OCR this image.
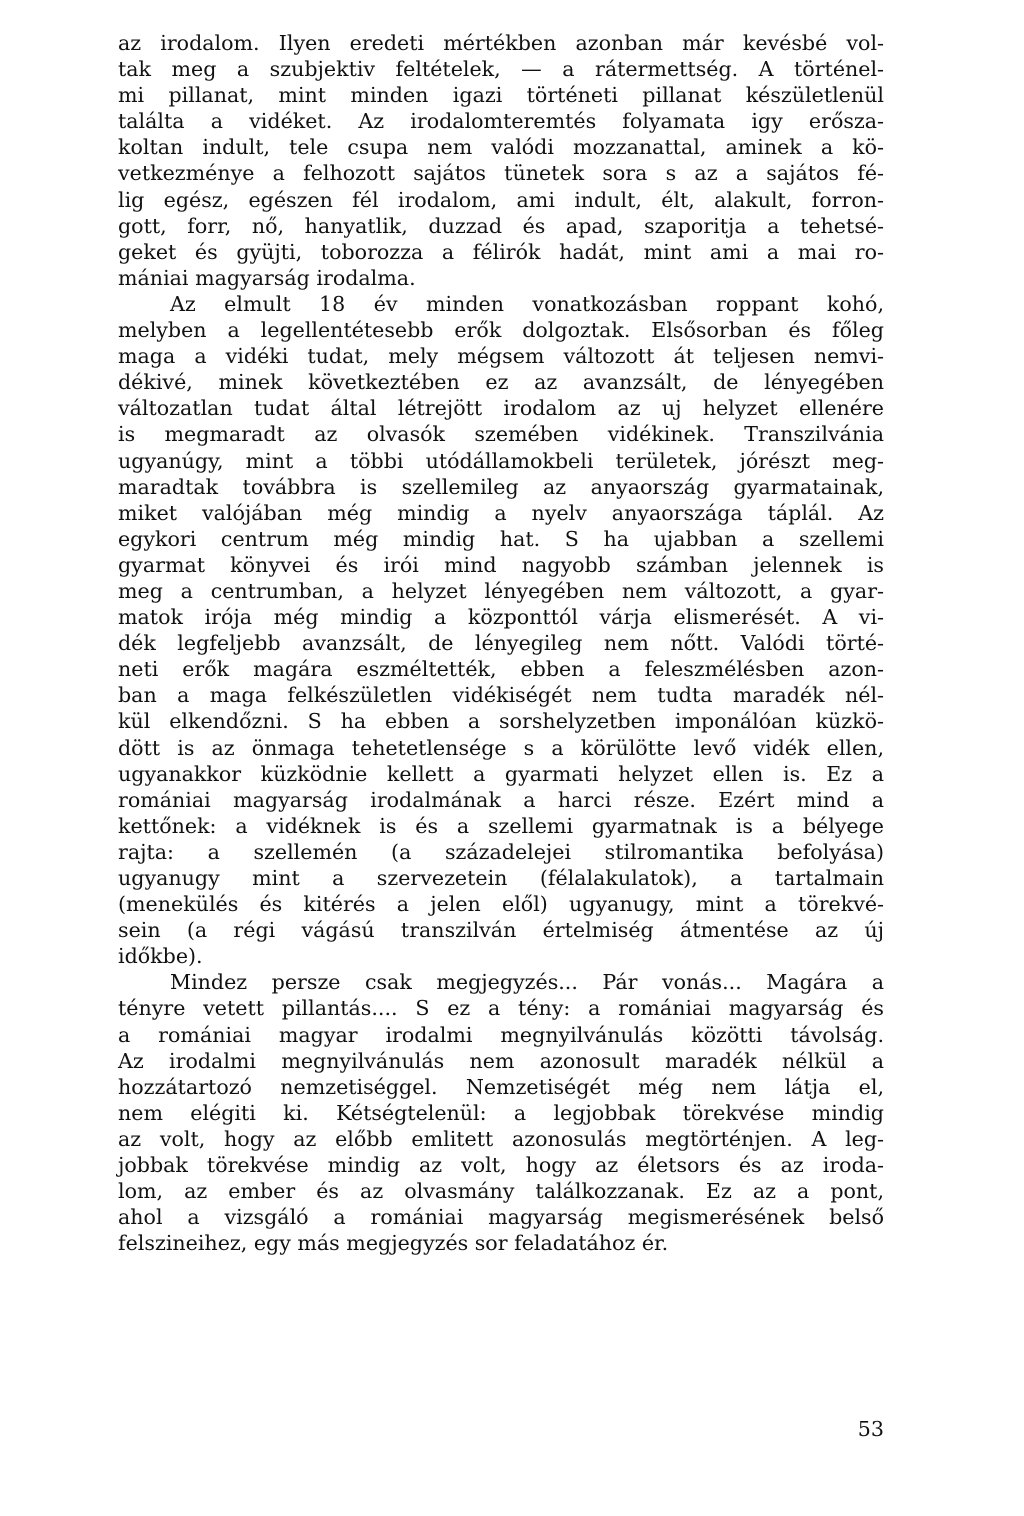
az irodalom. Ilyen eredeti mértékben azonban már kevésbé vol-
tak meg a szubjektiv feltételek, — a rátermettség. A történel-
mi pillanat, mint minden igazi történeti pillanat készületlenül
találta a vidéket. Az irodalomteremtés folyamata igy erősza-
koltan indult, tele csupa nem valódi mozzanattal, aminek a kö-
vetkezménye a felhozott sajátos tünetek sora s az a sajátos fé-
lig egész, egészen fél irodalom, ami indult, élt, alakult, forron-
gott, forr, nő, hanyatlik, duzzad és apad, szaporitja a tehetsé-
geket és gyüjti, toborozza a félirók hadát, mint ami a mai ro-
mániai magyarság irodalma.
Az elmult 18 év minden vonatkozásban roppant kohó,
melyben a legellentétesebb erők dolgoztak. Elsősorban és főleg
maga a vidéki tudat, mely mégsem változott át teljesen nemvi-
dékivé, minek következtében ez az avanzsált, de lényegében
változatlan tudat által létrejött irodalom az uj helyzet ellenére
is megmaradt az olvasók szemében vidékinek. Transzilvánia
ugyanúgy, mint a többi utódállamokbeli területek, jórészt meg-
maradtak továbbra is szellemileg az anyaország gyarmatainak,
miket valójában még mindig a nyelv anyaországa táplál. Az
egykori centrum még mindig hat. S ha ujabban a szellemi
gyarmat könyvei és irói mind nagyobb számban jelennek is
meg a centrumban, a helyzet lényegében nem változott, a gyar-
matok irója még mindig a központtól várja elismerését. A vi-
dék legfeljebb avanzsált, de lényegileg nem nőtt. Valódi törté-
neti erők magára eszméltették, ebben a feleszmélésben azon-
ban a maga felkészületlen vidékiségét nem tudta maradék nél-
kül elkendőzni. S ha ebben a sorshelyzetben imponálóan küzkö-
dött is az önmaga tehetetlensége s a körülötte levő vidék ellen,
ugyanakkor küzködnie kellett a gyarmati helyzet ellen is. Ez a
romániai magyarság irodalmának a harci része. Ezért mind a
kettőnek: a vidéknek is és a szellemi gyarmatnak is a bélyege
rajta: a szellemén (a századelejei stilromantika befolyása)
ugyanugy mint a szervezetein (félalakulatok), a tartalmain
(menekülés és kitérés a jelen elől) ugyanugy, mint a törekvé-
sein (a régi vágású transzilván értelmiség átmentése az új
időkbe).
Mindez persze csak megjegyzés... Pár vonás... Magára a
tényre vetett pillantás.... S ez a tény: a romániai magyarság és
a romániai magyar irodalmi megnyilvánulás közötti távolság.
Az irodalmi megnyilvánulás nem azonosult maradék nélkül a
hozzátartozó nemzetiséggel. Nemzetiségét még nem látja el,
nem elégiti ki. Kétségtelenül: a legjobbak törekvése mindig
az volt, hogy az előbb emlitett azonosulás megtörténjen. A leg-
jobbak törekvése mindig az volt, hogy az életsors és az iroda-
lom, az ember és az olvasmány találkozzanak. Ez az a pont,
ahol a vizsgáló a romániai magyarság megismerésének belső
felszineihez, egy más megjegyzés sor feladatához ér.
53
